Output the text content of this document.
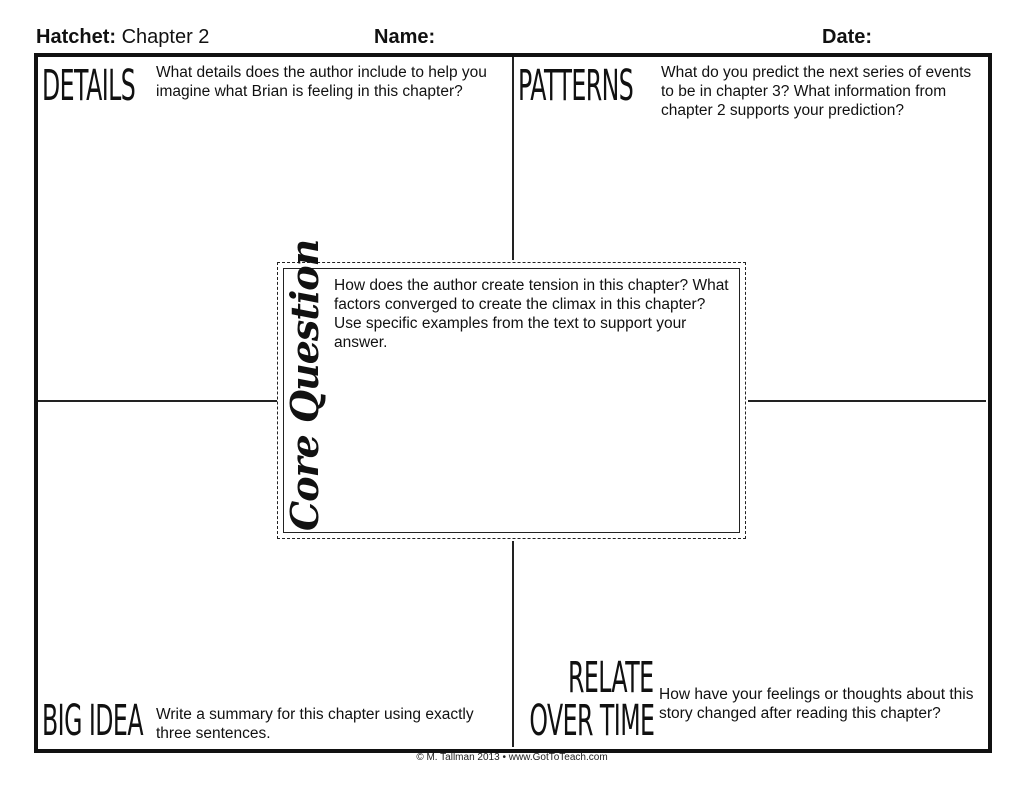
Hatchet: Chapter 2	Name:	Date:
DETAILS What details does the author include to help you imagine what Brian is feeling in this chapter?	PATTERNS What do you predict the next series of events to be in chapter 3? What information from chapter 2 supports your prediction?
Core Question How does the author create tension in this chapter? What factors converged to create the climax in this chapter? Use specific examples from the text to support your answer.
BIG IDEA Write a summary for this chapter using exactly three sentences.
RELATE
OVER TIME
How have your feelings or thoughts about this story changed after reading this chapter?
© M. Tallman 2013 • www.GotToTeach.com
